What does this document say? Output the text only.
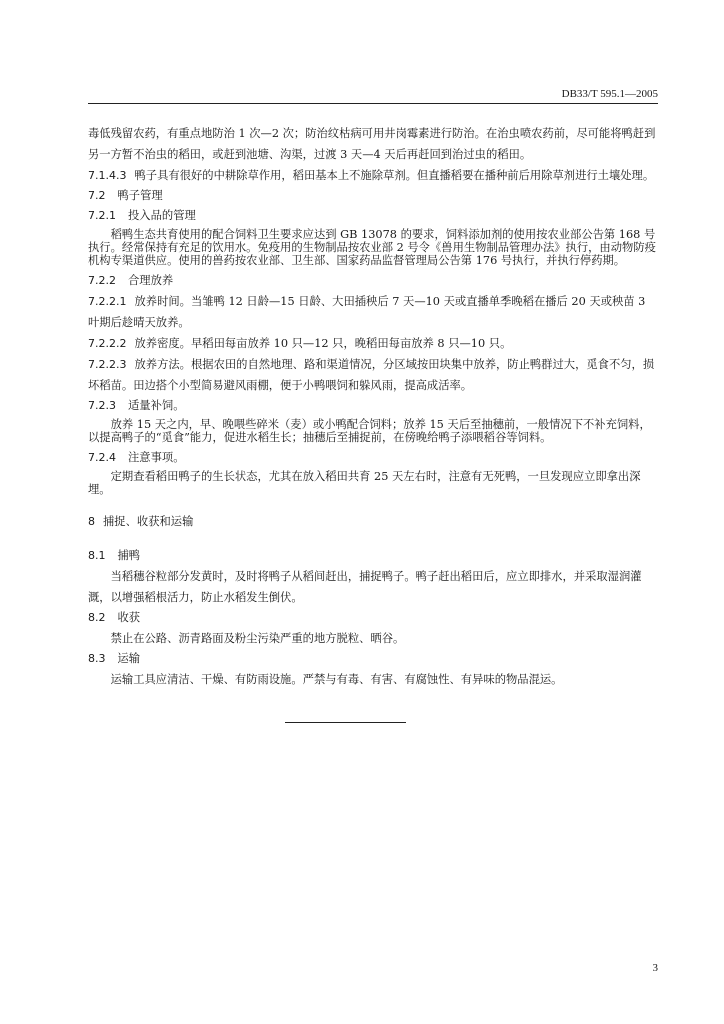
DB33/T 595.1—2005

毒低残留农药，有重点地防治 1 次—2 次；防治纹枯病可用井岗霉素进行防治。在治虫喷农药前，尽可能将鸭赶到另一方暂不治虫的稻田，或赶到池塘、沟渠，过渡 3 天—4 天后再赶回到治过虫的稻田。

7.1.4.3 鸭子具有很好的中耕除草作用，稻田基本上不施除草剂。但直播稻要在播种前后用除草剂进行土壤处理。

7.2 鸭子管理

7.2.1 投入品的管理

稻鸭生态共育使用的配合饲料卫生要求应达到 GB 13078 的要求，饲料添加剂的使用按农业部公告第 168 号执行。经常保持有充足的饮用水。免疫用的生物制品按农业部 2 号令《兽用生物制品管理办法》执行，由动物防疫机构专渠道供应。使用的兽药按农业部、卫生部、国家药品监督管理局公告第 176 号执行，并执行停药期。

7.2.2 合理放养

7.2.2.1 放养时间。当雏鸭 12 日龄—15 日龄、大田插秧后 7 天—10 天或直播单季晚稻在播后 20 天或秧苗 3 叶期后趁晴天放养。

7.2.2.2 放养密度。早稻田每亩放养 10 只—12 只，晚稻田每亩放养 8 只—10 只。

7.2.2.3 放养方法。根据农田的自然地理、路和渠道情况，分区域按田块集中放养，防止鸭群过大，觅食不匀，损坏稻苗。田边搭个小型简易避风雨棚，便于小鸭喂饲和躲风雨，提高成活率。

7.2.3 适量补饲。

放养 15 天之内，早、晚喂些碎米（麦）或小鸭配合饲料；放养 15 天后至抽穗前，一般情况下不补充饲料，以提高鸭子的“觅食”能力，促进水稻生长；抽穗后至捕捉前，在傍晚给鸭子添喂稻谷等饲料。

7.2.4 注意事项。

定期查看稻田鸭子的生长状态，尤其在放入稻田共育 25 天左右时，注意有无死鸭，一旦发现应立即拿出深埋。

8 捕捉、收获和运输

8.1 捕鸭

当稻穗谷粒部分发黄时，及时将鸭子从稻间赶出，捕捉鸭子。鸭子赶出稻田后，应立即排水，并采取湿润灌溉，以增强稻根活力，防止水稻发生倒伏。

8.2 收获

禁止在公路、沥青路面及粉尘污染严重的地方脱粒、晒谷。

8.3 运输

运输工具应清洁、干燥、有防雨设施。严禁与有毒、有害、有腐蚀性、有异味的物品混运。

3
